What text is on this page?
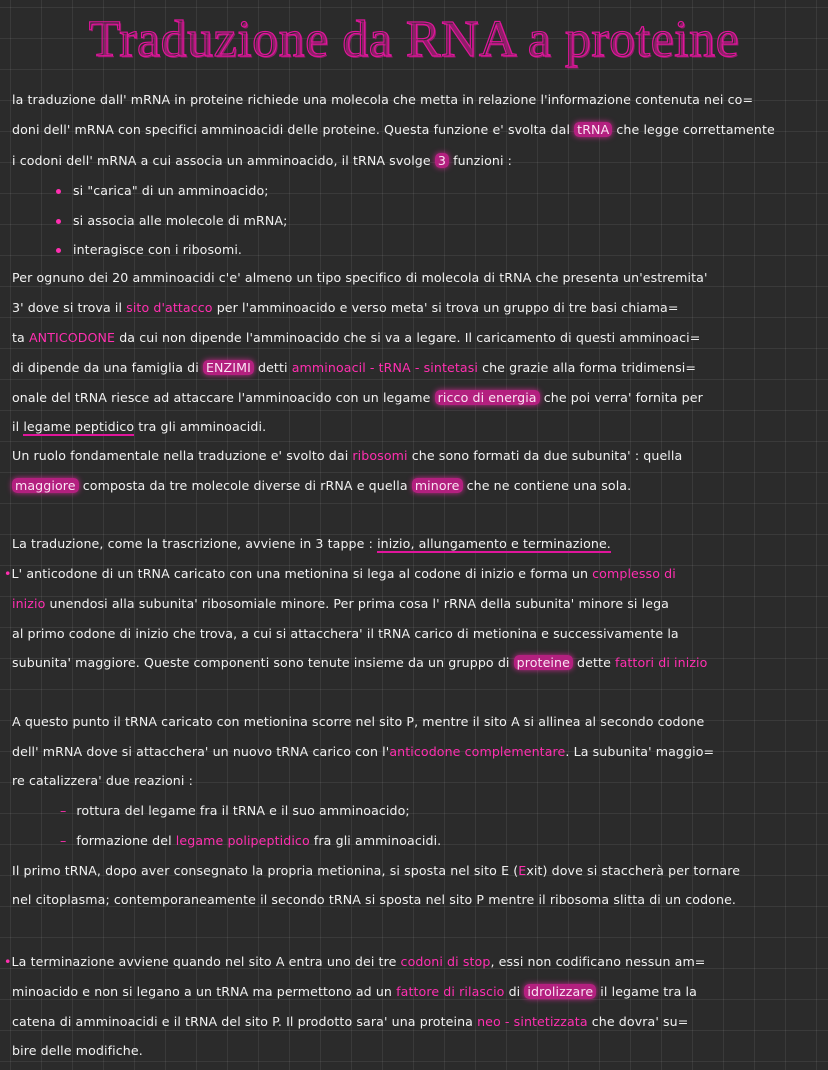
Traduzione da RNA a proteine
la traduzione dall' mRNA in proteine richiede una molecola che metta in relazione l'informazione contenuta nei co=
doni dell' mRNA con specifici amminoacidi delle proteine. Questa funzione e' svolta dal tRNA che legge correttamente
i codoni dell' mRNA a cui associa un amminoacido, il tRNA svolge 3 funzioni :
si "carica" di un amminoacido;
si associa alle molecole di mRNA;
interagisce con i ribosomi.
Per ognuno dei 20 amminoacidi c'e' almeno un tipo specifico di molecola di tRNA che presenta un'estremita'
3' dove si trova il sito d'attacco per l'amminoacido e verso meta' si trova un gruppo di tre basi chiama=
ta ANTICODONE da cui non dipende l'amminoacido che si va a legare. Il caricamento di questi amminoaci=
di dipende da una famiglia di ENZIMI detti amminoacil - tRNA - sintetasi che grazie alla forma tridimensi=
onale del tRNA riesce ad attaccare l'amminoacido con un legame ricco di energia che poi verra' fornita per
il legame peptidico tra gli amminoacidi.
Un ruolo fondamentale nella traduzione e' svolto dai ribosomi che sono formati da due subunita' : quella
maggiore composta da tre molecole diverse di rRNA e quella minore che ne contiene una sola.
La traduzione, come la trascrizione, avviene in 3 tappe : inizio, allungamento e terminazione.
•L' anticodone di un tRNA caricato con una metionina si lega al codone di inizio e forma un complesso di
inizio unendosi alla subunita' ribosomiale minore. Per prima cosa l' rRNA della subunita' minore si lega
al primo codone di inizio che trova, a cui si attacchera' il tRNA carico di metionina e successivamente la
subunita' maggiore. Queste componenti sono tenute insieme da un gruppo di proteine dette fattori di inizio
A questo punto il tRNA caricato con metionina scorre nel sito P, mentre il sito A si allinea al secondo codone
dell' mRNA dove si attacchera' un nuovo tRNA carico con l'anticodone complementare. La subunita' maggio=
re catalizzera' due reazioni :
– rottura del legame fra il tRNA e il suo amminoacido;
– formazione del legame polipeptidico fra gli amminoacidi.
Il primo tRNA, dopo aver consegnato la propria metionina, si sposta nel sito E (Exit) dove si staccherà per tornare
nel citoplasma; contemporaneamente il secondo tRNA si sposta nel sito P mentre il ribosoma slitta di un codone.
•La terminazione avviene quando nel sito A entra uno dei tre codoni di stop, essi non codificano nessun am=
minoacido e non si legano a un tRNA ma permettono ad un fattore di rilascio di idrolizzare il legame tra la
catena di amminoacidi e il tRNA del sito P. Il prodotto sara' una proteina neo - sintetizzata che dovra' su=
bire delle modifiche.
